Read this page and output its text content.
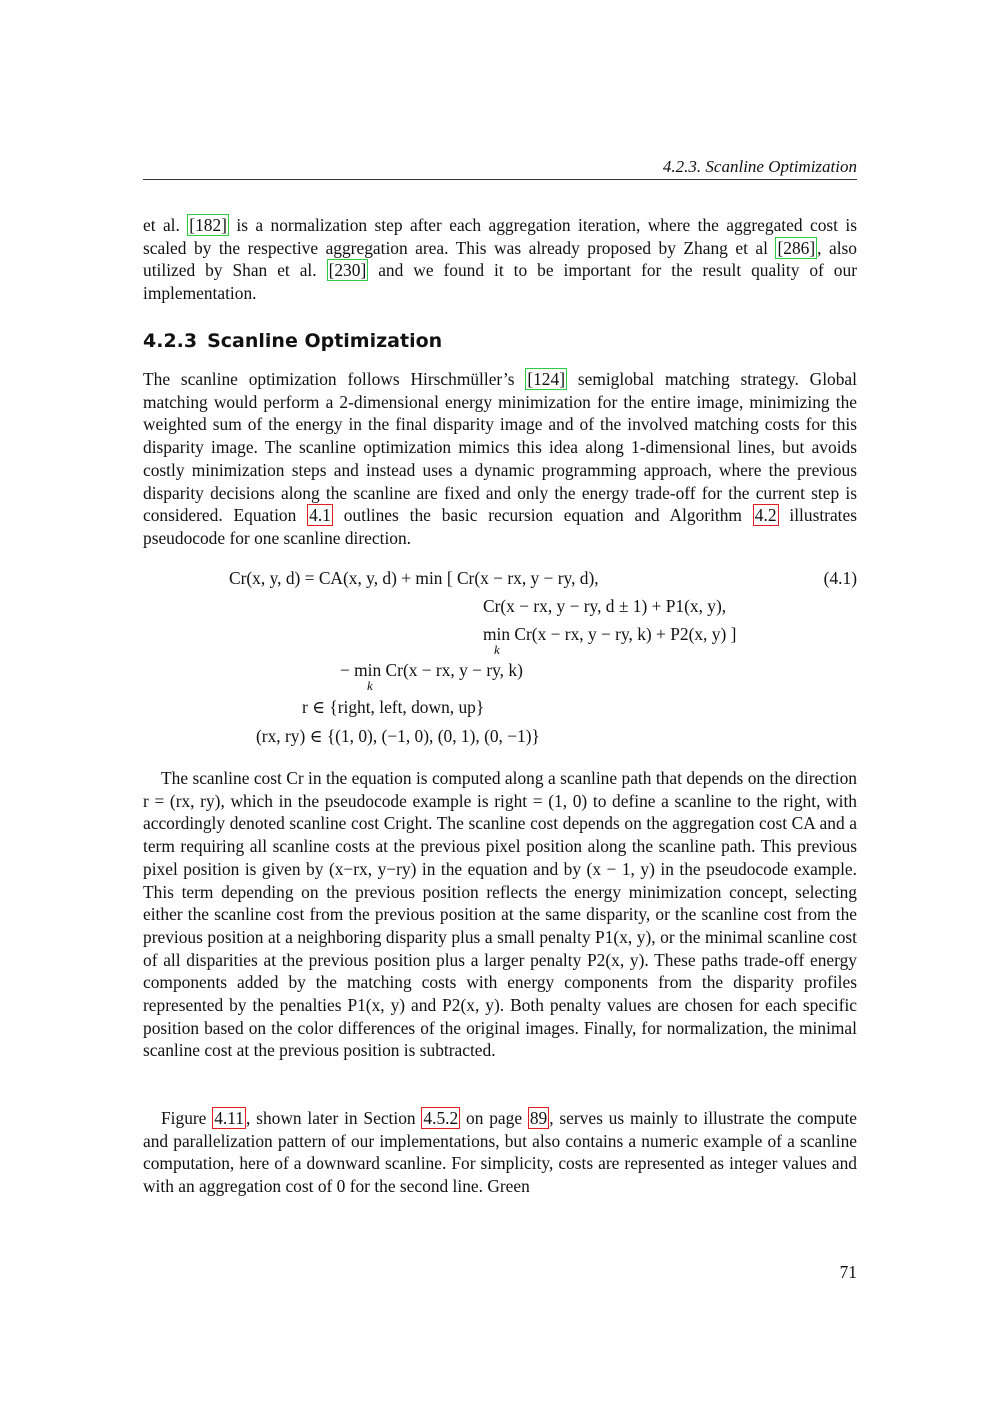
4.2.3. Scanline Optimization

et al. [182] is a normalization step after each aggregation iteration, where the aggregated cost is scaled by the respective aggregation area. This was already proposed by Zhang et al [286] , also utilized by Shan et al. [230] and we found it to be important for the result quality of our implementation.

4.2.3 Scanline Optimization

The scanline optimization follows Hirschmüller’s [124] semiglobal matching strategy. Global matching would perform a 2-dimensional energy minimization for the entire image, minimizing the weighted sum of the energy in the final disparity image and of the involved matching costs for this disparity image. The scanline optimization mimics this idea along 1-dimensional lines, but avoids costly minimization steps and instead uses a dynamic programming approach, where the previous disparity decisions along the scanline are fixed and only the energy trade-off for the current step is considered. Equation 4.1 outlines the basic recursion equation and Algorithm 4.2 illustrates pseudocode for one scanline direction.

Cr(x, y, d) = CA(x, y, d) + min [ Cr(x − rx, y − ry, d),	(4.1)
Cr(x − rx, y − ry, d ± 1) + P1(x, y),
min Cr(x − rx, y − ry, k) + P2(x, y) ]
k
− min Cr(x − rx, y − ry, k)
k
r ∈ {right, left, down, up}
(rx, ry) ∈ {(1, 0), (−1, 0), (0, 1), (0, −1)}

The scanline cost Cr in the equation is computed along a scanline path that depends on the direction r = (rx, ry), which in the pseudocode example is right = (1, 0) to define a scanline to the right, with accordingly denoted scanline cost Cright. The scanline cost depends on the aggregation cost CA and a term requiring all scanline costs at the previous pixel position along the scanline path. This previous pixel position is given by (x−rx, y−ry) in the equation and by (x − 1, y) in the pseudocode example. This term depending on the previous position reflects the energy minimization concept, selecting either the scanline cost from the previous position at the same disparity, or the scanline cost from the previous position at a neighboring disparity plus a small penalty P1(x, y), or the minimal scanline cost of all disparities at the previous position plus a larger penalty P2(x, y). These paths trade-off energy components added by the matching costs with energy components from the disparity profiles represented by the penalties P1(x, y) and P2(x, y). Both penalty values are chosen for each specific position based on the color differences of the original images. Finally, for normalization, the minimal scanline cost at the previous position is subtracted.

Figure 4.11 , shown later in Section 4.5.2 on page 89 , serves us mainly to illustrate the compute and parallelization pattern of our implementations, but also contains a numeric example of a scanline computation, here of a downward scanline. For simplicity, costs are represented as integer values and with an aggregation cost of 0 for the second line. Green

71
